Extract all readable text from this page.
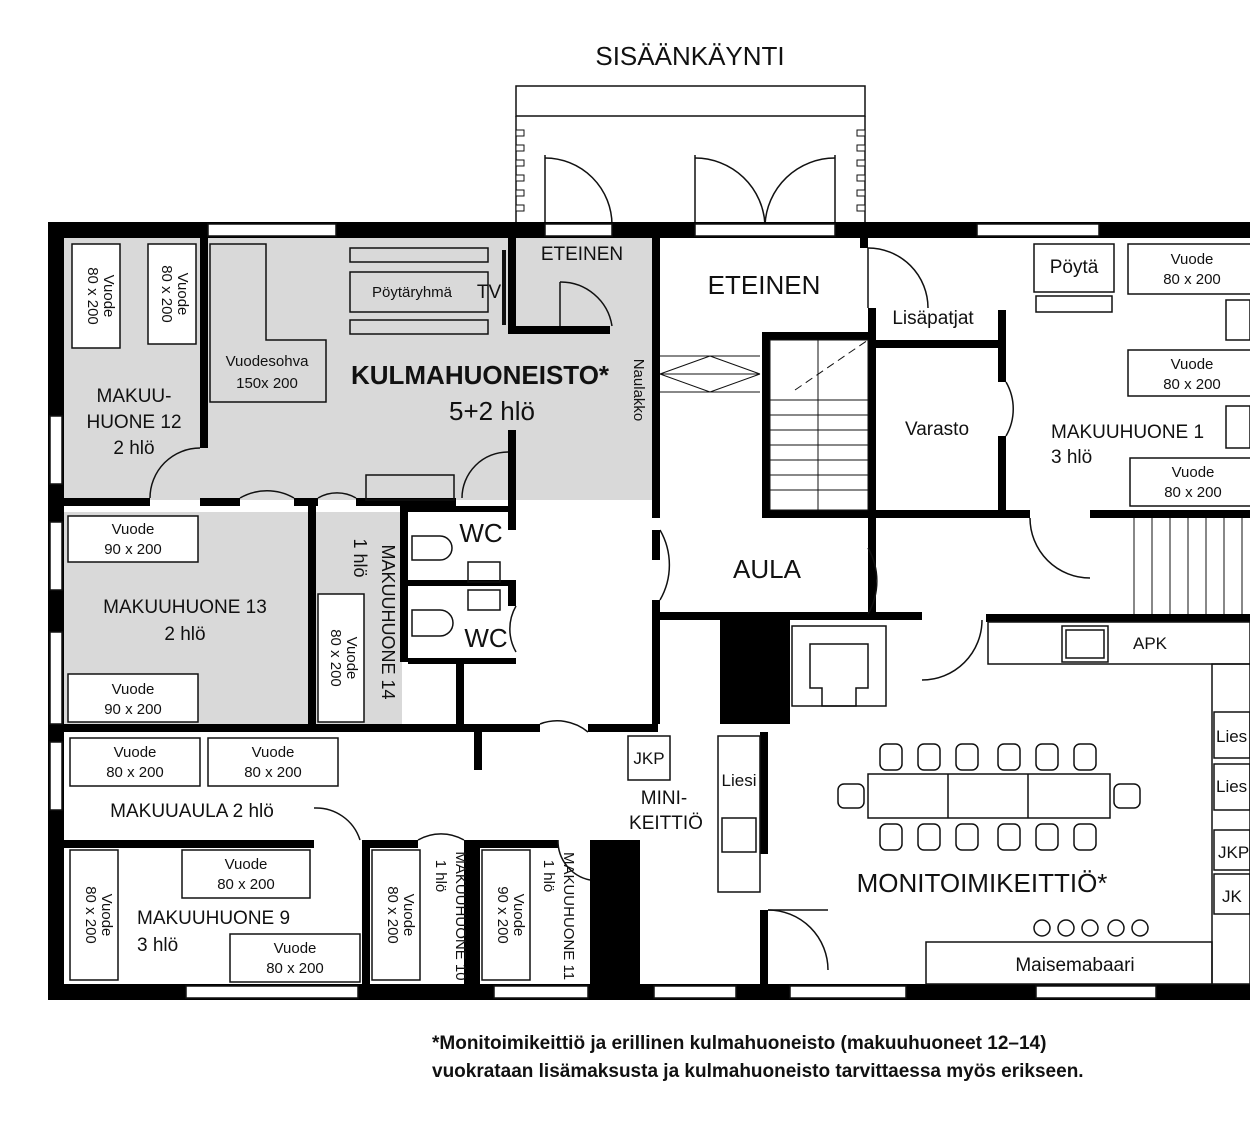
SISÄÄNKÄYNTI
ETEINEN
ETEINEN
Pöytäryhmä TV
Vuodesohva
150x 200 KULMAHUONEISTO*
5+2 hlö	Naulakko
MAKUU-
HUONE 12
2 hlö
MAKUUHUONE 13
2 hlö	MAKUUHUONE 14
1 hlö
WC
WC
Lisäpatjat
Varasto	MAKUUHUONE 1
3 hlö
Pöytä
AULA
APK
JKP
Liesi
MINI-
KEITTIÖ
MAKUUAULA 2 hlö
MAKUUHUONE 9
3 hlö	MAKUUHUONE 10
1 hlö	MAKUUHUONE 11
1 hlö	MONITOIMIKEITTIÖ*
Maisemabaari
Lies
Lies
JKP
JK
Vuode
80 x 200	Vuode
80 x 200
Vuode
80 x 200
Vuode
80 x 200
Vuode
80 x 200
Vuode
90 x 200
Vuode
90 x 200
Vuode
80 x 200
Vuode
80 x 200
Vuode
80 x 200
Vuode
80 x 200
Vuode
80 x 200
Vuode
80 x 200
Vuode
80 x 200	Vuode
90 x 200
*Monitoimikeittiö ja erillinen kulmahuoneisto (makuuhuoneet 12–14)
vuokrataan lisämaksusta ja kulmahuoneisto tarvittaessa myös erikseen.
